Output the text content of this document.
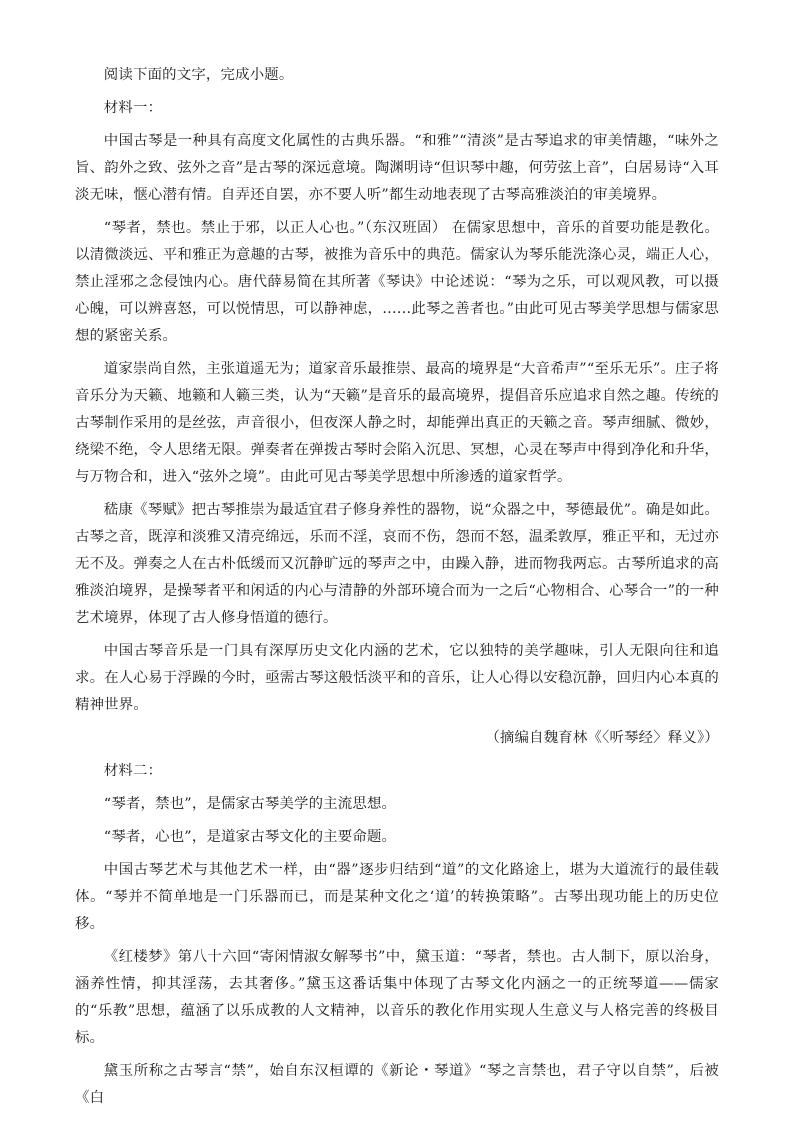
阅读下面的文字，完成小题。

材料一：

中国古琴是一种具有高度文化属性的古典乐器。“和雅”“清淡”是古琴追求的审美情趣，“味外之旨、韵外之致、弦外之音”是古琴的深远意境。陶渊明诗“但识琴中趣，何劳弦上音”，白居易诗“入耳淡无味，惬心潜有情。自弄还自罢，亦不要人听”都生动地表现了古琴高雅淡泊的审美境界。

“琴者，禁也。禁止于邪，以正人心也。”（东汉班固） 在儒家思想中，音乐的首要功能是教化。以清微淡远、平和雅正为意趣的古琴，被推为音乐中的典范。儒家认为琴乐能洗涤心灵，端正人心，禁止淫邪之念侵蚀内心。唐代薛易简在其所著《琴诀》中论述说：“琴为之乐，可以观风教，可以摄心魄，可以辨喜怒，可以悦情思，可以静神虑，……此琴之善者也。”由此可见古琴美学思想与儒家思想的紧密关系。

道家崇尚自然，主张道遥无为；道家音乐最推崇、最高的境界是“大音希声”“至乐无乐”。庄子将音乐分为天籁、地籁和人籁三类，认为“天籁”是音乐的最高境界，提倡音乐应追求自然之趣。传统的古琴制作采用的是丝弦，声音很小，但夜深人静之时，却能弹出真正的天籁之音。琴声细腻、微妙，绕梁不绝，令人思绪无限。弹奏者在弹拨古琴时会陷入沉思、冥想，心灵在琴声中得到净化和升华，与万物合和，进入“弦外之境”。由此可见古琴美学思想中所渗透的道家哲学。

嵇康《琴赋》把古琴推崇为最适宜君子修身养性的器物，说“众器之中，琴德最优”。确是如此。古琴之音，既淳和淡雅又清亮绵远，乐而不淫，哀而不伤，怨而不怒，温柔敦厚，雅正平和，无过亦无不及。弹奏之人在古朴低缓而又沉静旷远的琴声之中，由躁入静，进而物我两忘。古琴所追求的高雅淡泊境界，是操琴者平和闲适的内心与清静的外部环境合而为一之后“心物相合、心琴合一”的一种艺术境界，体现了古人修身悟道的德行。

中国古琴音乐是一门具有深厚历史文化内涵的艺术，它以独特的美学趣味，引人无限向往和追求。在人心易于浮躁的今时，亟需古琴这般恬淡平和的音乐，让人心得以安稳沉静，回归内心本真的精神世界。

（摘编自魏育林《〈听琴经〉释义》）

材料二：

“琴者，禁也”，是儒家古琴美学的主流思想。

“琴者，心也”，是道家古琴文化的主要命题。

中国古琴艺术与其他艺术一样，由“器”逐步归结到“道”的文化路途上，堪为大道流行的最佳载体。“琴并不简单地是一门乐器而已，而是某种文化之‘道’的转换策略”。古琴出现功能上的历史位移。

《红楼梦》第八十六回“寄闲情淑女解琴书”中，黛玉道：“琴者，禁也。古人制下，原以治身，涵养性情，抑其淫荡，去其奢侈。”黛玉这番话集中体现了古琴文化内涵之一的正统琴道——儒家的“乐教”思想，蕴涵了以乐成教的人文精神，以音乐的教化作用实现人生意义与人格完善的终极目标。

黛玉所称之古琴言“禁”，始自东汉桓谭的《新论・琴道》“琴之言禁也，君子守以自禁”，后被《白
